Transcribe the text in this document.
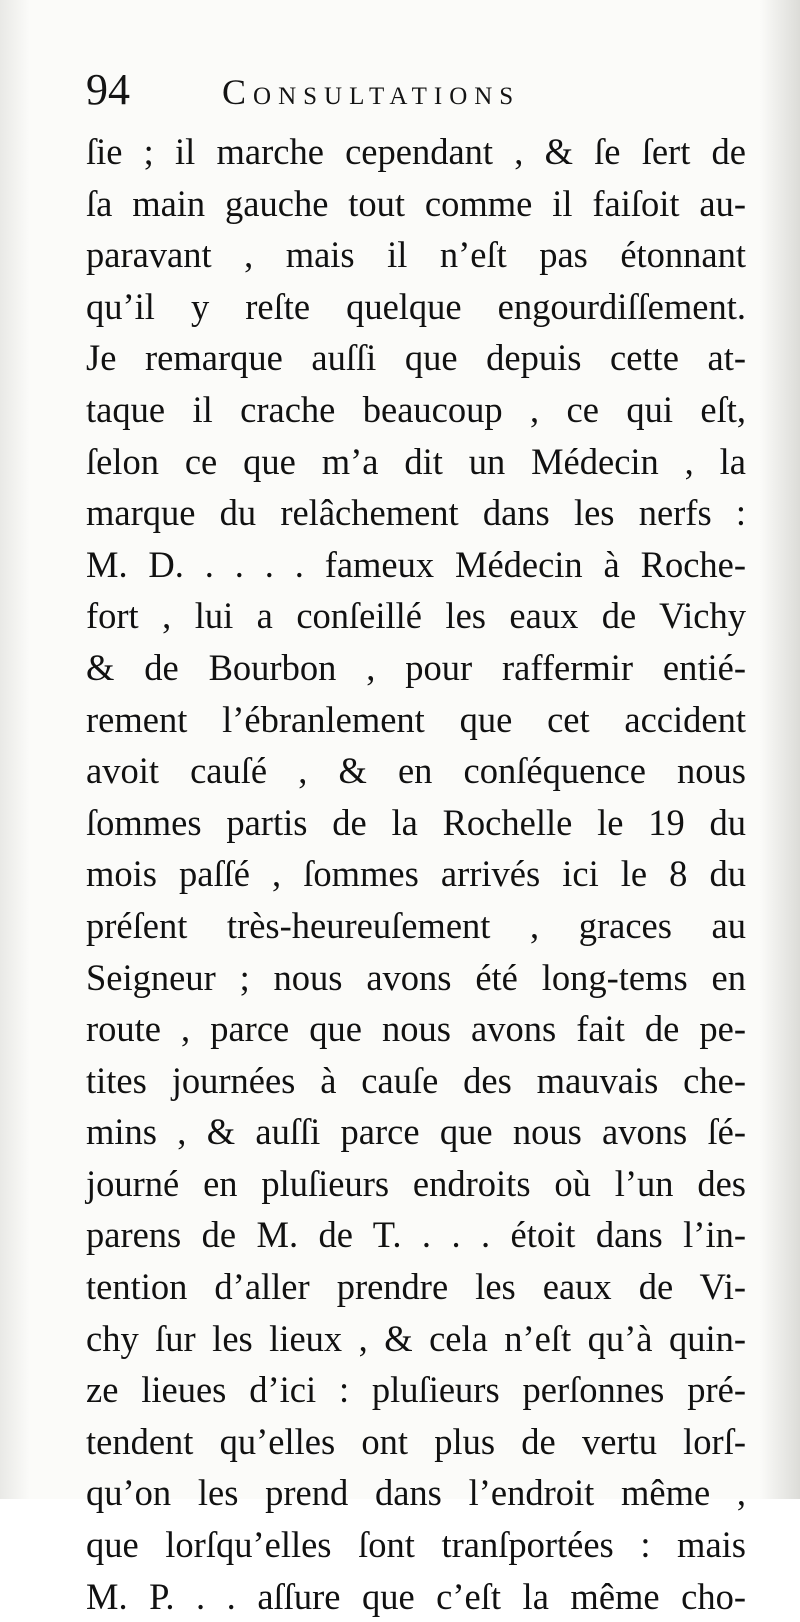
94	Consultations
ſie ; il marche cependant , & ſe ſert de
ſa main gauche tout comme il faiſoit au-
paravant , mais il n’eſt pas étonnant
qu’il y reſte quelque engourdiſſement.
Je remarque auſſi que depuis cette at-
taque il crache beaucoup , ce qui eſt,
ſelon ce que m’a dit un Médecin , la
marque du relâchement dans les nerfs :
M. D. . . . . fameux Médecin à Roche-
fort , lui a conſeillé les eaux de Vichy
& de Bourbon , pour raffermir entié-
rement l’ébranlement que cet accident
avoit cauſé , & en conſéquence nous
ſommes partis de la Rochelle le 19 du
mois paſſé , ſommes arrivés ici le 8 du
préſent très-heureuſement , graces au
Seigneur ; nous avons été long-tems en
route , parce que nous avons fait de pe-
tites journées à cauſe des mauvais che-
mins , & auſſi parce que nous avons ſé-
journé en pluſieurs endroits où l’un des
parens de M. de T. . . . étoit dans l’in-
tention d’aller prendre les eaux de Vi-
chy ſur les lieux , & cela n’eſt qu’à quin-
ze lieues d’ici : pluſieurs perſonnes pré-
tendent qu’elles ont plus de vertu lorſ-
qu’on les prend dans l’endroit même ,
que lorſqu’elles ſont tranſportées : mais
M. P. . . aſſure que c’eſt la même cho-
